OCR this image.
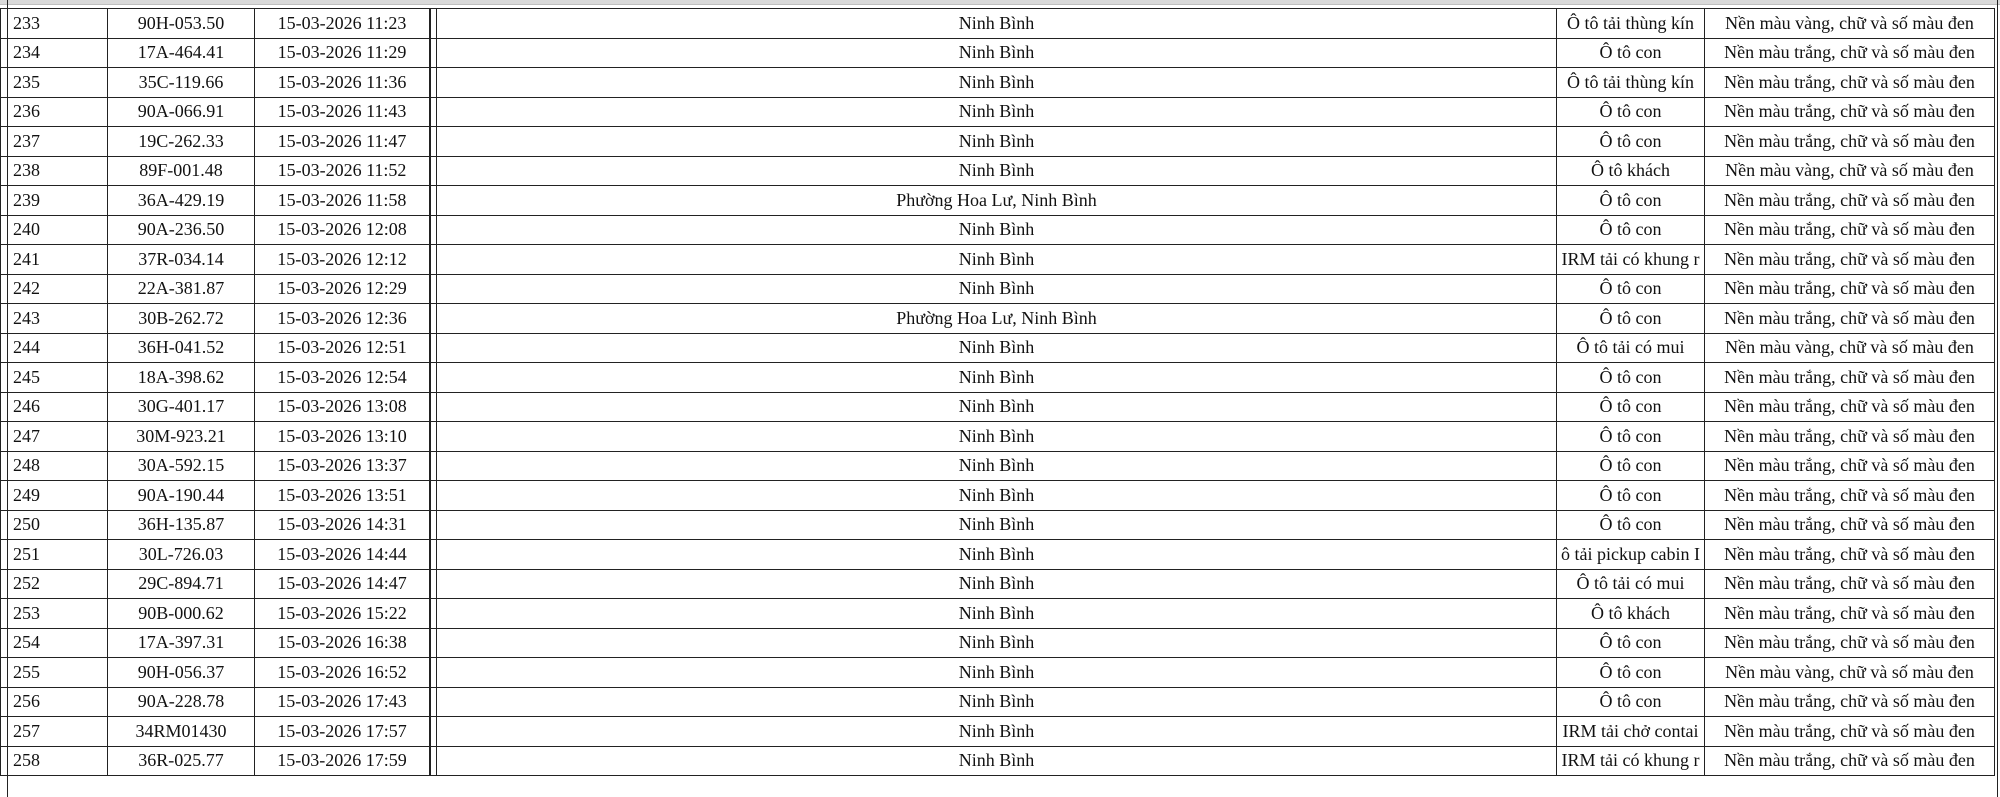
233	90H-053.50	15-03-2026 11:23			Ninh Bình	Ô tô tải thùng kín	Nền màu vàng, chữ và số màu đen
234	17A-464.41	15-03-2026 11:29			Ninh Bình	Ô tô con	Nền màu trắng, chữ và số màu đen
235	35C-119.66	15-03-2026 11:36			Ninh Bình	Ô tô tải thùng kín	Nền màu trắng, chữ và số màu đen
236	90A-066.91	15-03-2026 11:43			Ninh Bình	Ô tô con	Nền màu trắng, chữ và số màu đen
237	19C-262.33	15-03-2026 11:47			Ninh Bình	Ô tô con	Nền màu trắng, chữ và số màu đen
238	89F-001.48	15-03-2026 11:52			Ninh Bình	Ô tô khách	Nền màu vàng, chữ và số màu đen
239	36A-429.19	15-03-2026 11:58			Phường Hoa Lư, Ninh Bình	Ô tô con	Nền màu trắng, chữ và số màu đen
240	90A-236.50	15-03-2026 12:08			Ninh Bình	Ô tô con	Nền màu trắng, chữ và số màu đen
241	37R-034.14	15-03-2026 12:12			Ninh Bình	IRM tải có khung r	Nền màu trắng, chữ và số màu đen
242	22A-381.87	15-03-2026 12:29			Ninh Bình	Ô tô con	Nền màu trắng, chữ và số màu đen
243	30B-262.72	15-03-2026 12:36			Phường Hoa Lư, Ninh Bình	Ô tô con	Nền màu trắng, chữ và số màu đen
244	36H-041.52	15-03-2026 12:51			Ninh Bình	Ô tô tải có mui	Nền màu vàng, chữ và số màu đen
245	18A-398.62	15-03-2026 12:54			Ninh Bình	Ô tô con	Nền màu trắng, chữ và số màu đen
246	30G-401.17	15-03-2026 13:08			Ninh Bình	Ô tô con	Nền màu trắng, chữ và số màu đen
247	30M-923.21	15-03-2026 13:10			Ninh Bình	Ô tô con	Nền màu trắng, chữ và số màu đen
248	30A-592.15	15-03-2026 13:37			Ninh Bình	Ô tô con	Nền màu trắng, chữ và số màu đen
249	90A-190.44	15-03-2026 13:51			Ninh Bình	Ô tô con	Nền màu trắng, chữ và số màu đen
250	36H-135.87	15-03-2026 14:31			Ninh Bình	Ô tô con	Nền màu trắng, chữ và số màu đen
251	30L-726.03	15-03-2026 14:44			Ninh Bình	ô tải pickup cabin I	Nền màu trắng, chữ và số màu đen
252	29C-894.71	15-03-2026 14:47			Ninh Bình	Ô tô tải có mui	Nền màu trắng, chữ và số màu đen
253	90B-000.62	15-03-2026 15:22			Ninh Bình	Ô tô khách	Nền màu trắng, chữ và số màu đen
254	17A-397.31	15-03-2026 16:38			Ninh Bình	Ô tô con	Nền màu trắng, chữ và số màu đen
255	90H-056.37	15-03-2026 16:52			Ninh Bình	Ô tô con	Nền màu vàng, chữ và số màu đen
256	90A-228.78	15-03-2026 17:43			Ninh Bình	Ô tô con	Nền màu trắng, chữ và số màu đen
257	34RM01430	15-03-2026 17:57			Ninh Bình	IRM tải chở contai	Nền màu trắng, chữ và số màu đen
258	36R-025.77	15-03-2026 17:59			Ninh Bình	IRM tải có khung r	Nền màu trắng, chữ và số màu đen
